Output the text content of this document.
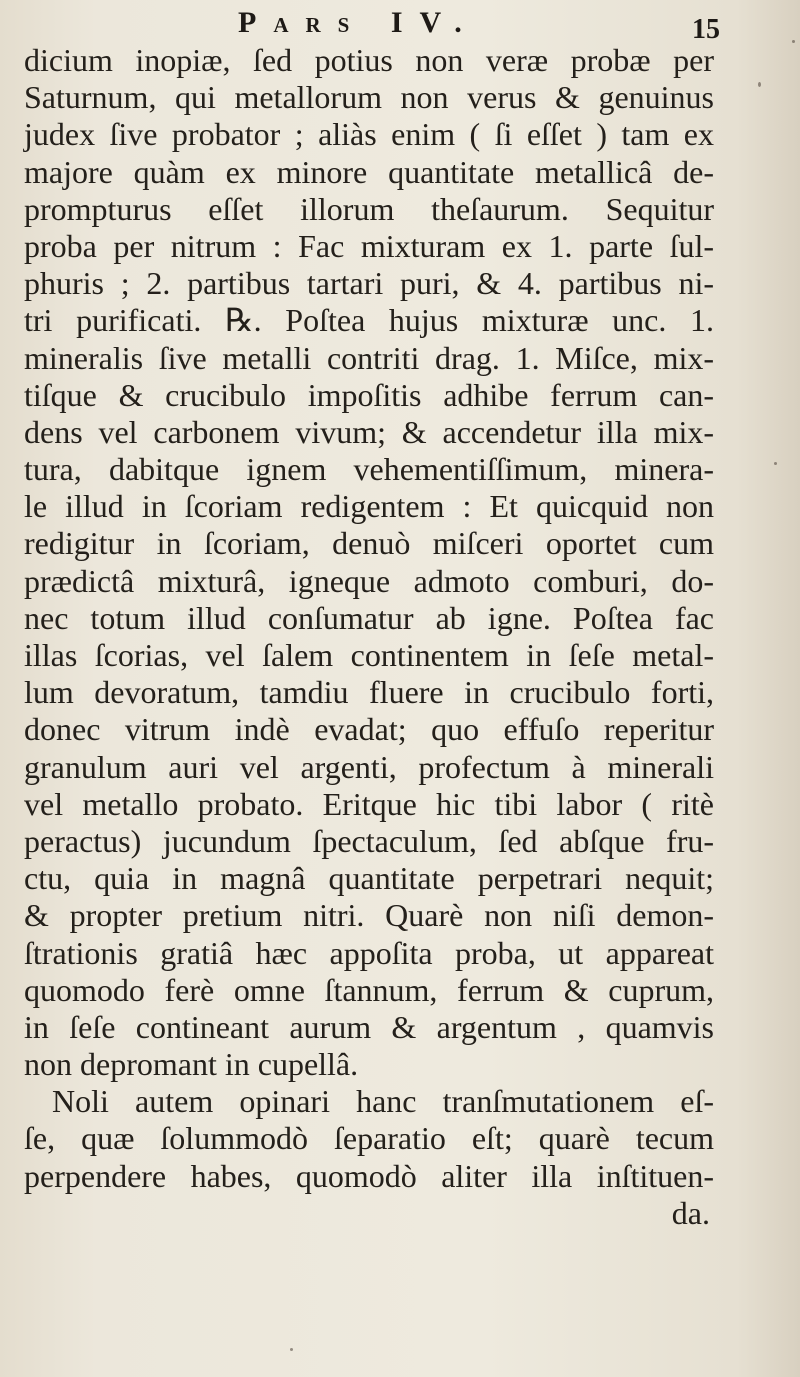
Pars IV.	15
dicium inopiæ, ſed potius non veræ probæ per
Saturnum, qui metallorum non verus & genuinus
judex ſive probator ; aliàs enim ( ſi eſſet ) tam ex
majore quàm ex minore quantitate metallicâ de-
prompturus eſſet illorum theſaurum. Sequitur
proba per nitrum : Fac mixturam ex 1. parte ſul-
phuris ; 2. partibus tartari puri, & 4. partibus ni-
tri purificati. ℞. Poſtea hujus mixturæ unc. 1.
mineralis ſive metalli contriti drag. 1. Miſce, mix-
tiſque & crucibulo impoſitis adhibe ferrum can-
dens vel carbonem vivum; & accendetur illa mix-
tura, dabitque ignem vehementiſſimum, minera-
le illud in ſcoriam redigentem : Et quicquid non
redigitur in ſcoriam, denuò miſceri oportet cum
prædictâ mixturâ, igneque admoto comburi, do-
nec totum illud conſumatur ab igne. Poſtea fac
illas ſcorias, vel ſalem continentem in ſeſe metal-
lum devoratum, tamdiu fluere in crucibulo forti,
donec vitrum indè evadat; quo effuſo reperitur
granulum auri vel argenti, profectum à minerali
vel metallo probato. Eritque hic tibi labor ( ritè
peractus) jucundum ſpectaculum, ſed abſque fru-
ctu, quia in magnâ quantitate perpetrari nequit;
& propter pretium nitri. Quarè non niſi demon-
ſtrationis gratiâ hæc appoſita proba, ut appareat
quomodo ferè omne ſtannum, ferrum & cuprum,
in ſeſe contineant aurum & argentum , quamvis
non depromant in cupellâ.
Noli autem opinari hanc tranſmutationem eſ-
ſe, quæ ſolummodò ſeparatio eſt; quarè tecum
perpendere habes, quomodò aliter illa inſtituen-
da.
